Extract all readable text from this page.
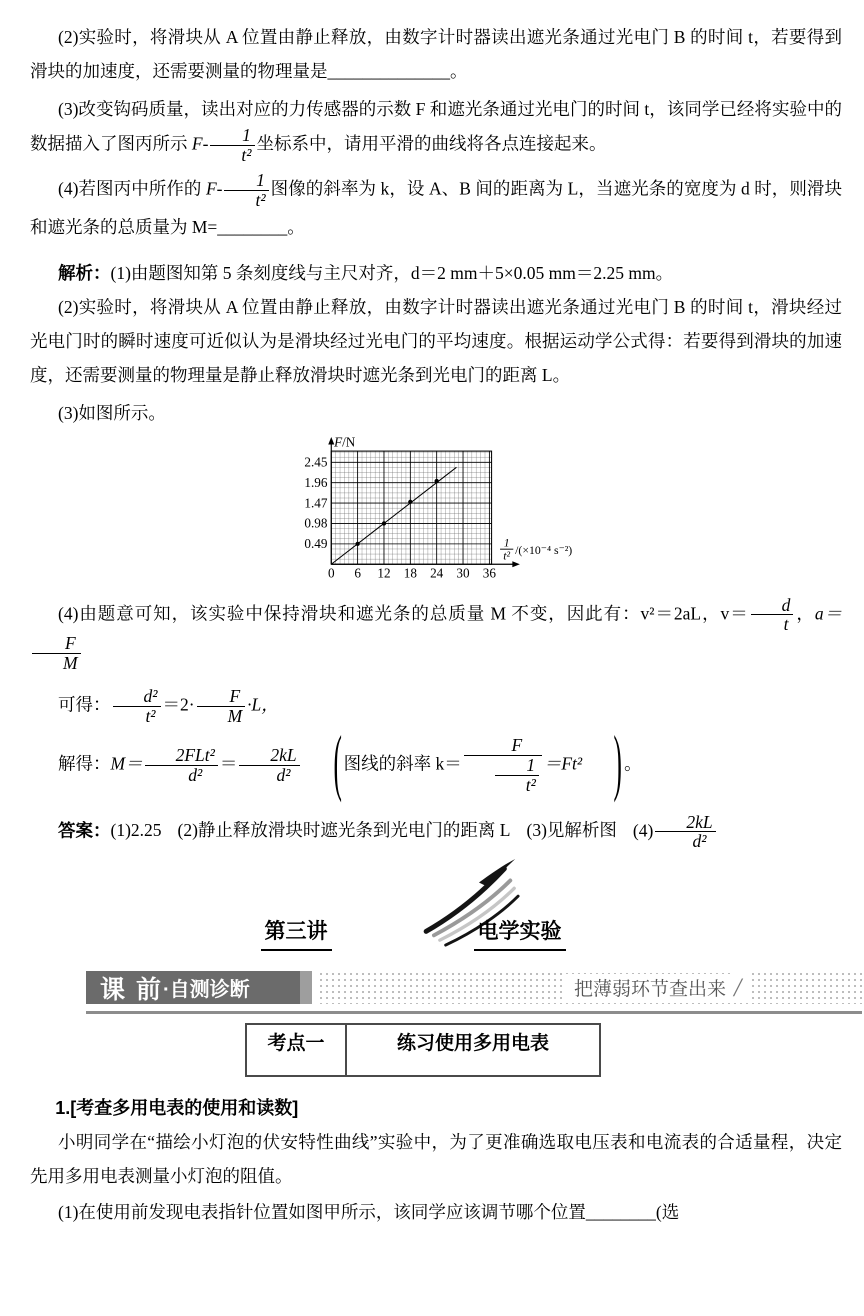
(2)实验时，将滑块从 A 位置由静止释放，由数字计时器读出遮光条通过光电门 B 的时间 t，若要得到滑块的加速度，还需要测量的物理量是______________。

(3)改变钩码质量，读出对应的力传感器的示数 F 和遮光条通过光电门的时间 t，该同学已经将实验中的数据描入了图丙所示 $F- \frac{1}{\text{t²}}$ 坐标系中，请用平滑的曲线将各点连接起来。

(4)若图丙中所作的 $F- \frac{1}{\text{t²}}$ 图像的斜率为 k，设 A、B 间的距离为 L，当遮光条的宽度为 d 时，则滑块和遮光条的总质量为 M=________。

解析：(1)由题图知第 5 条刻度线与主尺对齐，d＝2 mm＋5×0.05 mm＝2.25 mm。

(2)实验时，将滑块从 A 位置由静止释放，由数字计时器读出遮光条通过光电门 B 的时间 t，滑块经过光电门时的瞬时速度可近似认为是滑块经过光电门的平均速度。根据运动学公式得：若要得到滑块的加速度，还需要测量的物理量是静止释放滑块时遮光条到光电门的距离 L。

(3)如图所示。

0 6 12 18 24 30 36
0.49
0.98
1.47
1.96
2.45
F/N
1
t² /(×10⁻⁴ s⁻²)

(4)由题意可知，该实验中保持滑块和遮光条的总质量 M 不变，因此有：v²＝2aL，$v= \frac{d}{t}$ ，a＝
$\frac{F}{M}$

可得： $\frac{\text{d²}}{\text{t²}} =2\cdot \frac{F}{M} \cdot L$，

解得：$M= \frac{\text{2FLt²}}{\text{d²}} = \frac{2kL}{\text{d²}}$ ( 图线的斜率 $k= \frac{F}{\frac{1}{\text{t²}}} =Ft^2$ ) 。

答案：(1)2.25 (2)静止释放滑块时遮光条到光电门的距离 L (3)见解析图 $(4) \frac{2kL}{\text{d²}}$

第三讲	电学实验
课 前 ·自测诊断	把薄弱环节查出来 /
考点一	练习使用多用电表

1.[考查多用电表的使用和读数]

小明同学在“描绘小灯泡的伏安特性曲线”实验中，为了更准确选取电压表和电流表的合适量程，决定先用多用电表测量小灯泡的阻值。

(1)在使用前发现电表指针位置如图甲所示，该同学应该调节哪个位置________(选
